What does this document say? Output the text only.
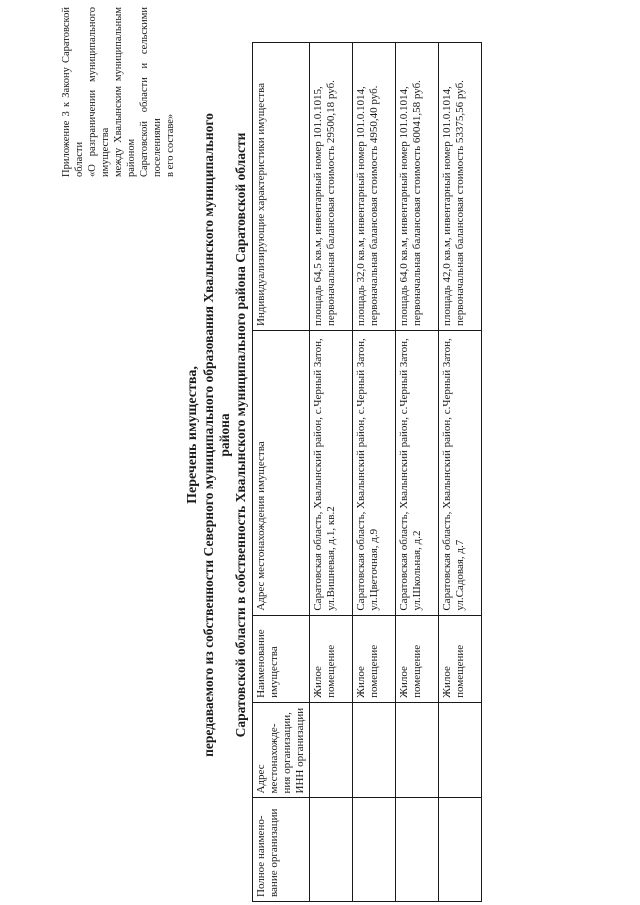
Приложение 3 к Закону Саратовской области «О разграничении муниципального имущества между Хвалынским муниципальным районом Саратовской области и сельскими поселениями в его составе»
Перечень имущества, передаваемого из собственности Северного муниципального образования Хвалынского муниципального района Саратовской области в собственность Хвалынского муниципального района Саратовской области
Полное наимено-вание организации	Адрес местонахожде-ния организации, ИНН организации	Наименование имущества	Адрес местонахождения имущества	Индивидуализирующие характеристики имущества
		Жилое помещение	Саратовская область, Хвалынский район, с.Черный Затон, ул.Вишневая, д.1, кв.2	площадь 64,5 кв.м, инвентарный номер 101.0.1015, первоначальная балансовая стоимость 29500,18 руб.
		Жилое помещение	Саратовская область, Хвалынский район, с.Черный Затон, ул.Цветочная, д.9	площадь 32,0 кв.м, инвентарный номер 101.0.1014, первоначальная балансовая стоимость 4950,40 руб.
		Жилое помещение	Саратовская область, Хвалынский район, с.Черный Затон, ул.Школьная, д.2	площадь 64,0 кв.м, инвентарный номер 101.0.1014, первоначальная балансовая стоимость 60041,58 руб.
		Жилое помещение	Саратовская область, Хвалынский район, с.Черный Затон, ул.Садовая, д.7	площадь 42,0 кв.м, инвентарный номер 101.0.1014, первоначальная балансовая стоимость 53375,56 руб.
